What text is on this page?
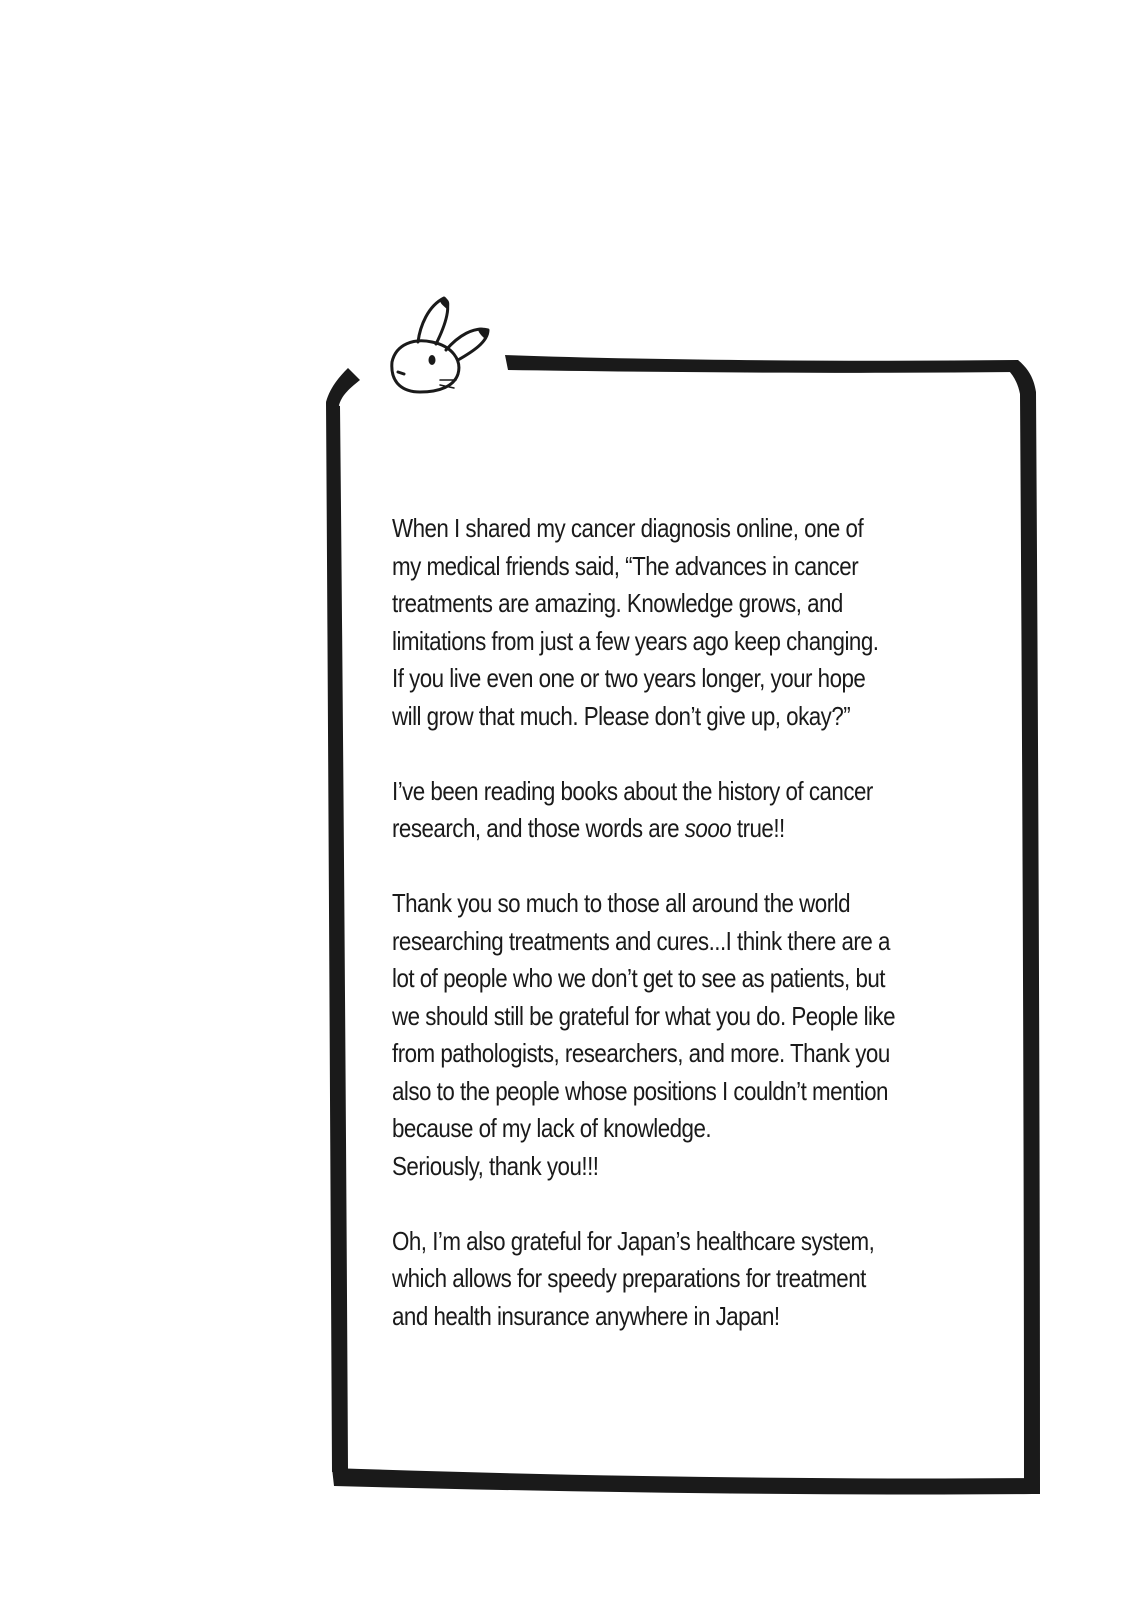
When I shared my cancer diagnosis online, one of
my medical friends said, “The advances in cancer
treatments are amazing. Knowledge grows, and
limitations from just a few years ago keep changing.
If you live even one or two years longer, your hope
will grow that much. Please don’t give up, okay?”

I’ve been reading books about the history of cancer
research, and those words are sooo true!!

Thank you so much to those all around the world
researching treatments and cures...I think there are a
lot of people who we don’t get to see as patients, but
we should still be grateful for what you do. People like
from pathologists, researchers, and more. Thank you
also to the people whose positions I couldn’t mention
because of my lack of knowledge.
Seriously, thank you!!!

Oh, I’m also grateful for Japan’s healthcare system,
which allows for speedy preparations for treatment
and health insurance anywhere in Japan!
